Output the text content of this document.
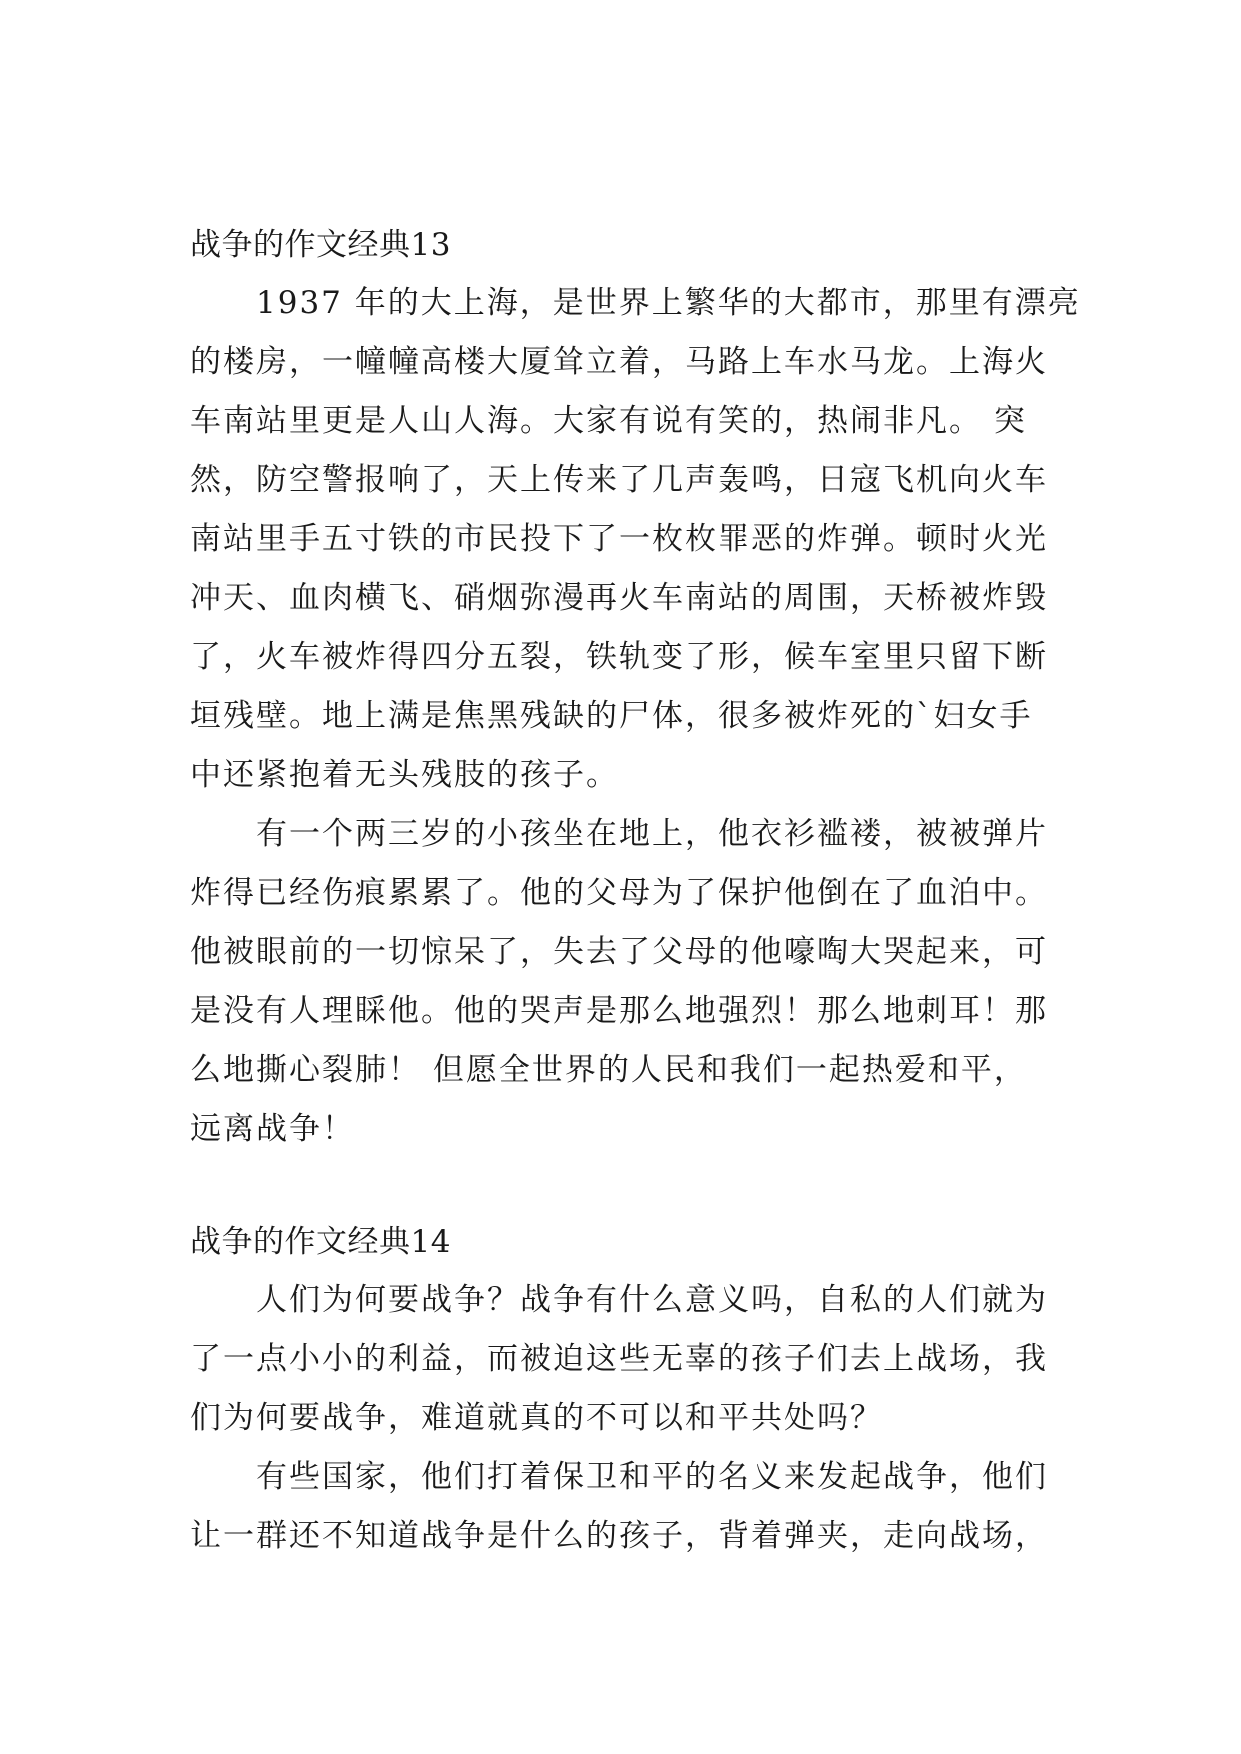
战争的作文经典13

1937 年的大上海，是世界上繁华的大都市，那里有漂亮
的楼房，一幢幢高楼大厦耸立着，马路上车水马龙。上海火
车南站里更是人山人海。大家有说有笑的，热闹非凡。 突
然，防空警报响了，天上传来了几声轰鸣，日寇飞机向火车
南站里手五寸铁的市民投下了一枚枚罪恶的炸弹。顿时火光
冲天、血肉横飞、硝烟弥漫再火车南站的周围，天桥被炸毁
了，火车被炸得四分五裂，铁轨变了形，候车室里只留下断
垣残壁。地上满是焦黑残缺的尸体，很多被炸死的`妇女手
中还紧抱着无头残肢的孩子。

有一个两三岁的小孩坐在地上，他衣衫褴褛，被被弹片
炸得已经伤痕累累了。他的父母为了保护他倒在了血泊中。
他被眼前的一切惊呆了，失去了父母的他嚎啕大哭起来，可
是没有人理睬他。他的哭声是那么地强烈！那么地刺耳！那
么地撕心裂肺！ 但愿全世界的人民和我们一起热爱和平，
远离战争！

战争的作文经典14

人们为何要战争？战争有什么意义吗，自私的人们就为
了一点小小的利益，而被迫这些无辜的孩子们去上战场，我
们为何要战争，难道就真的不可以和平共处吗？

有些国家，他们打着保卫和平的名义来发起战争，他们
让一群还不知道战争是什么的孩子，背着弹夹，走向战场，
